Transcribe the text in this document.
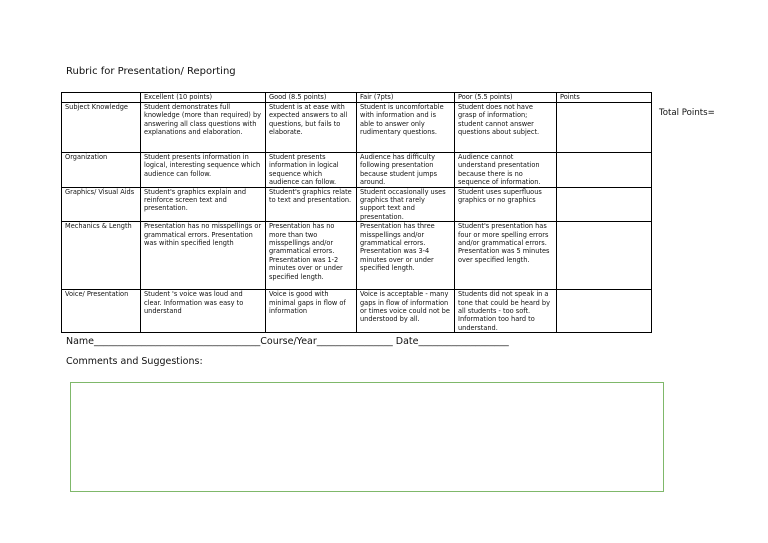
Rubric for Presentation/ Reporting
	Excellent (10 points)	Good (8.5 points)	Fair (7pts)	Poor (5.5 points)	Points
Subject Knowledge	Student demonstrates full knowledge (more than required) by answering all class questions with explanations and elaboration.	Student is at ease with expected answers to all questions, but fails to elaborate.	Student is uncomfortable with information and is able to answer only rudimentary questions.	Student does not have grasp of information; student cannot answer questions about subject.	
Organization	Student presents information in logical, interesting sequence which audience can follow.	Student presents information in logical sequence which audience can follow.	Audience has difficulty following presentation because student jumps around.	Audience cannot understand presentation because there is no sequence of information.	
Graphics/ Visual Aids	Student's graphics explain and reinforce screen text and presentation.	Student's graphics relate to text and presentation.	Student occasionally uses graphics that rarely support text and presentation.	Student uses superfluous graphics or no graphics	
Mechanics & Length	Presentation has no misspellings or grammatical errors. Presentation was within specified length	Presentation has no more than two misspellings and/or grammatical errors. Presentation was 1-2 minutes over or under specified length.	Presentation has three misspellings and/or grammatical errors. Presentation was 3-4 minutes over or under specified length.	Student's presentation has four or more spelling errors and/or grammatical errors. Presentation was 5 minutes over specified length.	
Voice/ Presentation	Student 's voice was loud and clear. Information was easy to understand	Voice is good with minimal gaps in flow of information	Voice is acceptable - many gaps in flow of information or times voice could not be understood by all.	Students did not speak in a tone that could be heard by all students - too soft. Information too hard to understand.	
Total Points=
Name___________________________________Course/Year________________ Date___________________
Comments and Suggestions:
